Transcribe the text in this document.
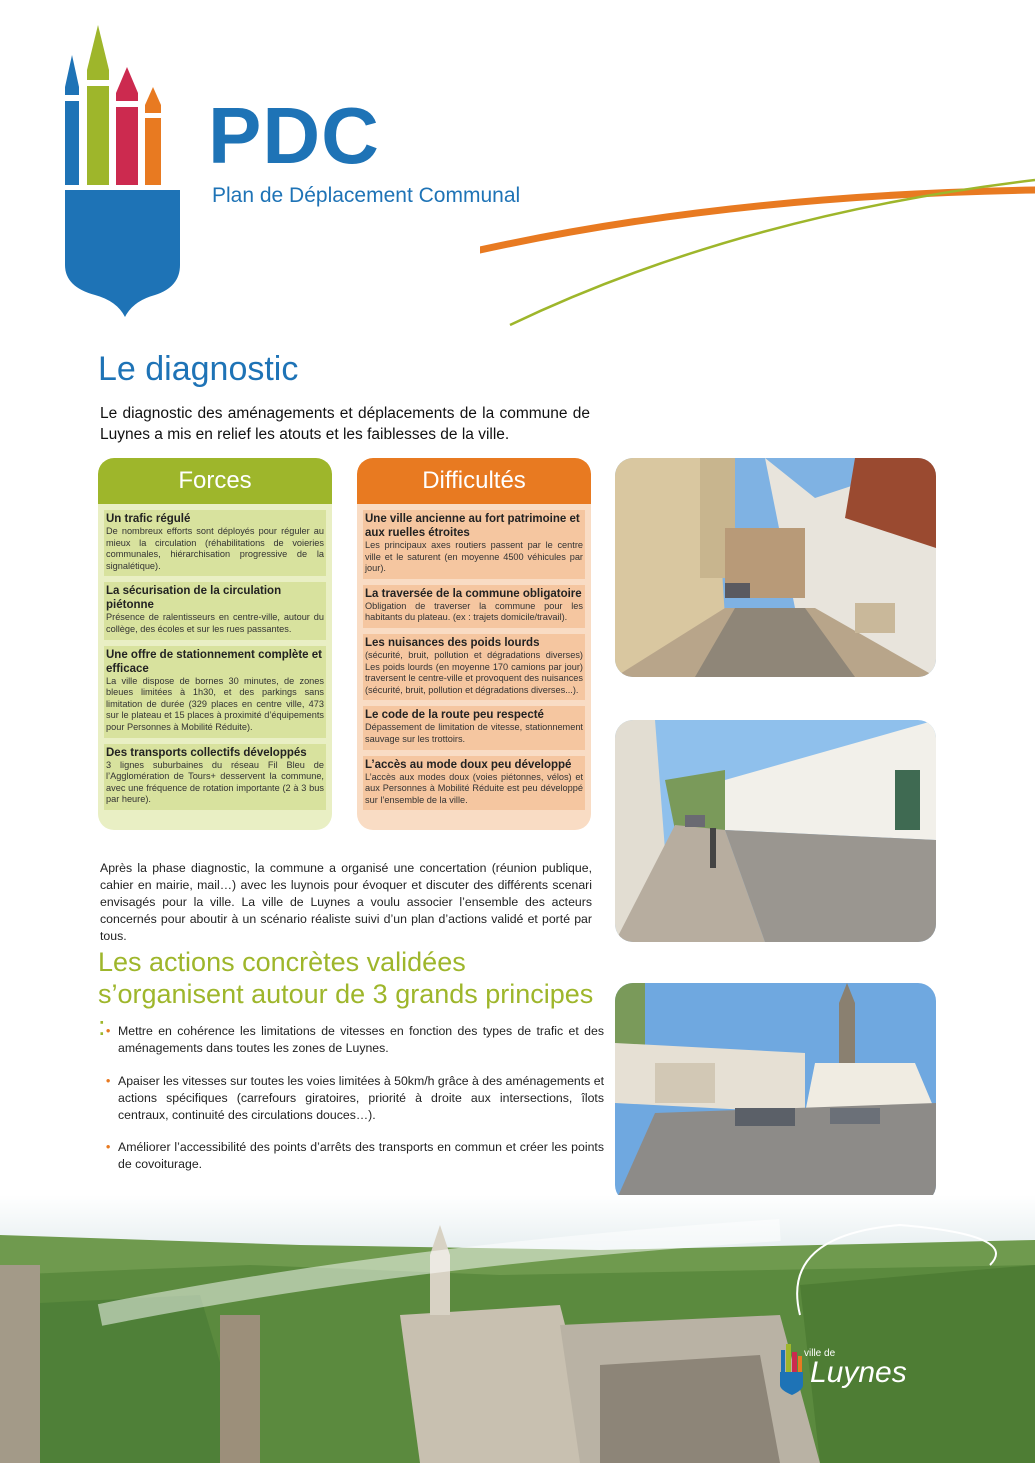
PDC
Plan de Déplacement Communal
Le diagnostic
Le diagnostic des aménagements et déplacements de la commune de Luynes a mis en relief les atouts et les faiblesses de la ville.
Forces
Un trafic régulé
De nombreux efforts sont déployés pour réguler au mieux la circulation (réhabilitations de voieries communales, hiérarchisation progressive de la signalétique).
La sécurisation de la circulation piétonne
Présence de ralentisseurs en centre-ville, autour du collège, des écoles et sur les rues passantes.
Une offre de stationnement complète et efficace
La ville dispose de bornes 30 minutes, de zones bleues limitées à 1h30, et des parkings sans limitation de durée (329 places en centre ville, 473 sur le plateau et 15 places à proximité d’équipements pour Personnes à Mobilité Réduite).
Des transports collectifs développés
3 lignes suburbaines du réseau Fil Bleu de l’Agglomération de Tours+ desservent la commune, avec une fréquence de rotation importante (2 à 3 bus par heure).
Difficultés
Une ville ancienne au fort patrimoine et aux ruelles étroites
Les principaux axes routiers passent par le centre ville et le saturent (en moyenne 4500 véhicules par jour).
La traversée de la commune obligatoire
Obligation de traverser la commune pour les habitants du plateau. (ex : trajets domicile/travail).
Les nuisances des poids lourds
(sécurité, bruit, pollution et dégradations diverses) Les poids lourds (en moyenne 170 camions par jour) traversent le centre-ville et provoquent des nuisances (sécurité, bruit, pollution et dégradations diverses...).
Le code de la route peu respecté
Dépassement de limitation de vitesse, stationnement sauvage sur les trottoirs.
L’accès au mode doux peu développé
L’accès aux modes doux (voies piétonnes, vélos) et aux Personnes à Mobilité Réduite est peu développé sur l’ensemble de la ville.
Après la phase diagnostic, la commune a organisé une concertation (réunion publique, cahier en mairie, mail…) avec les luynois pour évoquer et discuter des différents scenari envisagés pour la ville. La ville de Luynes a voulu associer l’ensemble des acteurs concernés pour aboutir à un scénario réaliste suivi d’un plan d’actions validé et porté par tous.
Les actions concrètes validées s’organisent autour de 3 grands principes : • Mettre en cohérence les limitations de vitesses en fonction des types de trafic et des aménagements dans toutes les zones de Luynes.
• Apaiser les vitesses sur toutes les voies limitées à 50km/h grâce à des aménagements et actions spécifiques (carrefours giratoires, priorité à droite aux intersections, îlots centraux, continuité des circulations douces…).
• Améliorer l’accessibilité des points d’arrêts des transports en commun et créer les points de covoiturage.
ville de
Luynes
